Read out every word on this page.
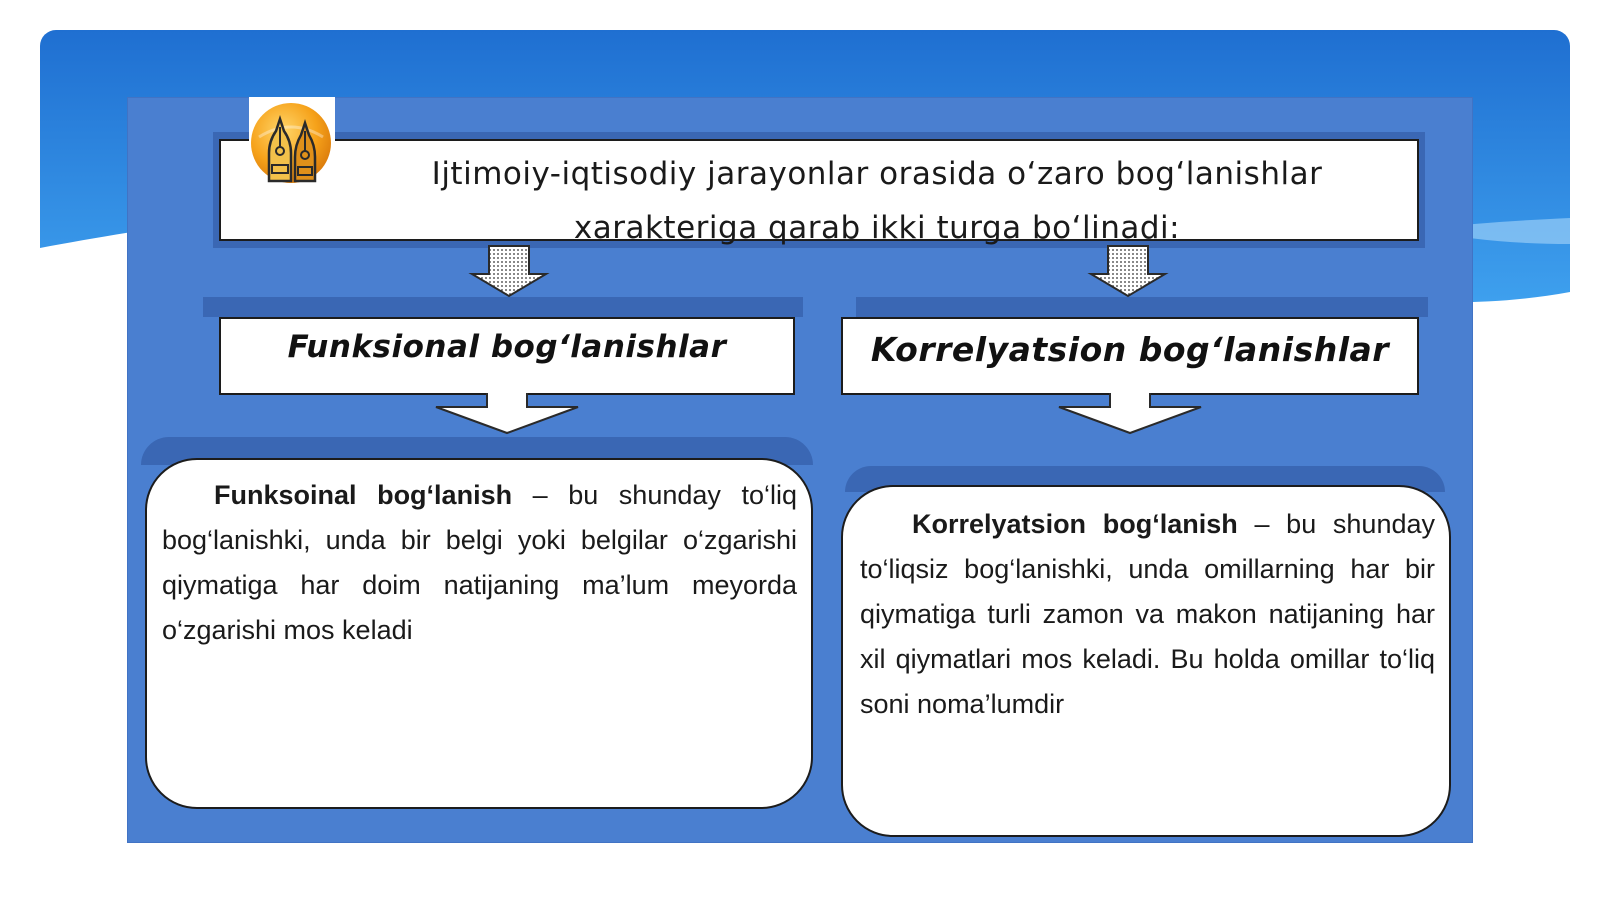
Ijtimoiy-iqtisodiy jarayonlar orasida o‘zaro bog‘lanishlar xarakteriga qarab ikki turga bo‘linadi:
Funksional bog‘lanishlar	Korrelyatsion bog‘lanishlar
Funksoinal bog‘lanish – bu shunday to‘liq bog‘lanishki, unda bir belgi yoki belgilar o‘zgarishi qiymatiga har doim natijaning ma’lum meyorda o‘zgarishi mos keladi
Korrelyatsion bog‘lanish – bu shunday to‘liqsiz bog‘lanishki, unda omillarning har bir qiymatiga turli zamon va makon natijaning har xil qiymatlari mos keladi. Bu holda omillar to‘liq soni noma’lumdir
